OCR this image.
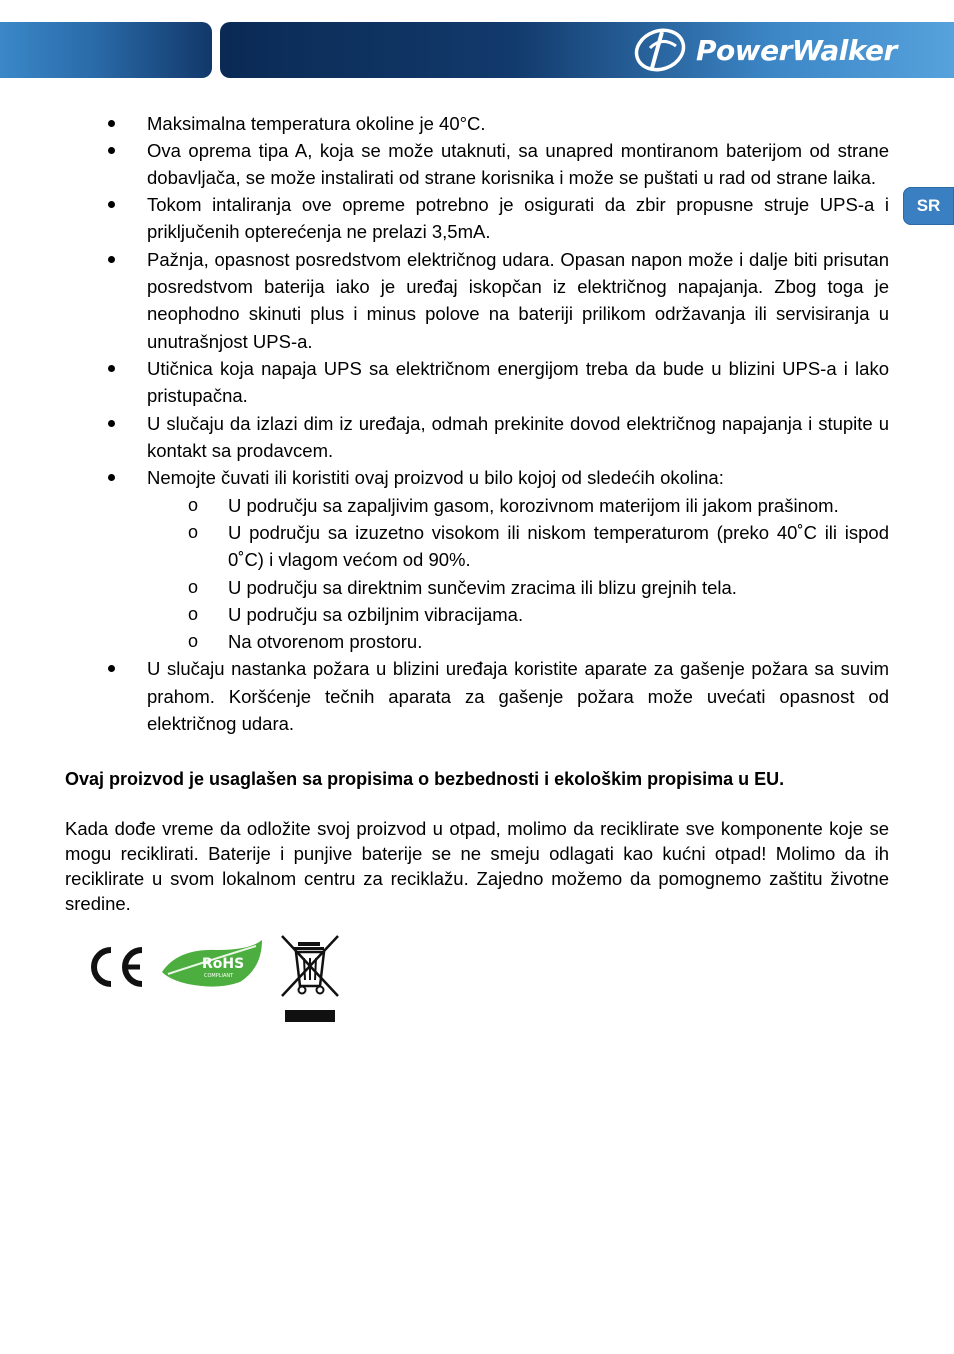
PowerWalker
SR
Maksimalna temperatura okoline je 40°C.
Ova oprema tipa A, koja se može utaknuti, sa unapred montiranom baterijom od strane
dobavljača, se može instalirati od strane korisnika i može se puštati u rad od strane laika.
Tokom intaliranja ove opreme potrebno je osigurati da zbir propusne struje UPS-a i
priključenih opterećenja ne prelazi 3,5mA.
Pažnja, opasnost posredstvom električnog udara. Opasan napon može i dalje biti prisutan
posredstvom baterija iako je uređaj iskopčan iz električnog napajanja. Zbog toga je
neophodno skinuti plus i minus polove na bateriji prilikom održavanja ili servisiranja u
unutrašnjost UPS-a.
Utičnica koja napaja UPS sa električnom energijom treba da bude u blizini UPS-a i lako
pristupačna.
U slučaju da izlazi dim iz uređaja, odmah prekinite dovod električnog napajanja i stupite u
kontakt sa prodavcem.
Nemojte čuvati ili koristiti ovaj proizvod u bilo kojoj od sledećih okolina:
o U području sa zapaljivim gasom, korozivnom materijom ili jakom prašinom.
o U području sa izuzetno visokom ili niskom temperaturom (preko 40˚C ili ispod
0˚C) i vlagom većom od 90%.
o U području sa direktnim sunčevim zracima ili blizu grejnih tela.
o U području sa ozbiljnim vibracijama.
o Na otvorenom prostoru.
U slučaju nastanka požara u blizini uređaja koristite aparate za gašenje požara sa suvim
prahom. Koršćenje tečnih aparata za gašenje požara može uvećati opasnost od
električnog udara.
Ovaj proizvod je usaglašen sa propisima o bezbednosti i ekološkim propisima u EU.
Kada dođe vreme da odložite svoj proizvod u otpad, molimo da reciklirate sve komponente koje se
mogu reciklirati. Baterije i punjive baterije se ne smeju odlagati kao kućni otpad! Molimo da ih
reciklirate u svom lokalnom centru za reciklažu. Zajedno možemo da pomognemo zaštitu životne
sredine.
RoHS
COMPLIANT
